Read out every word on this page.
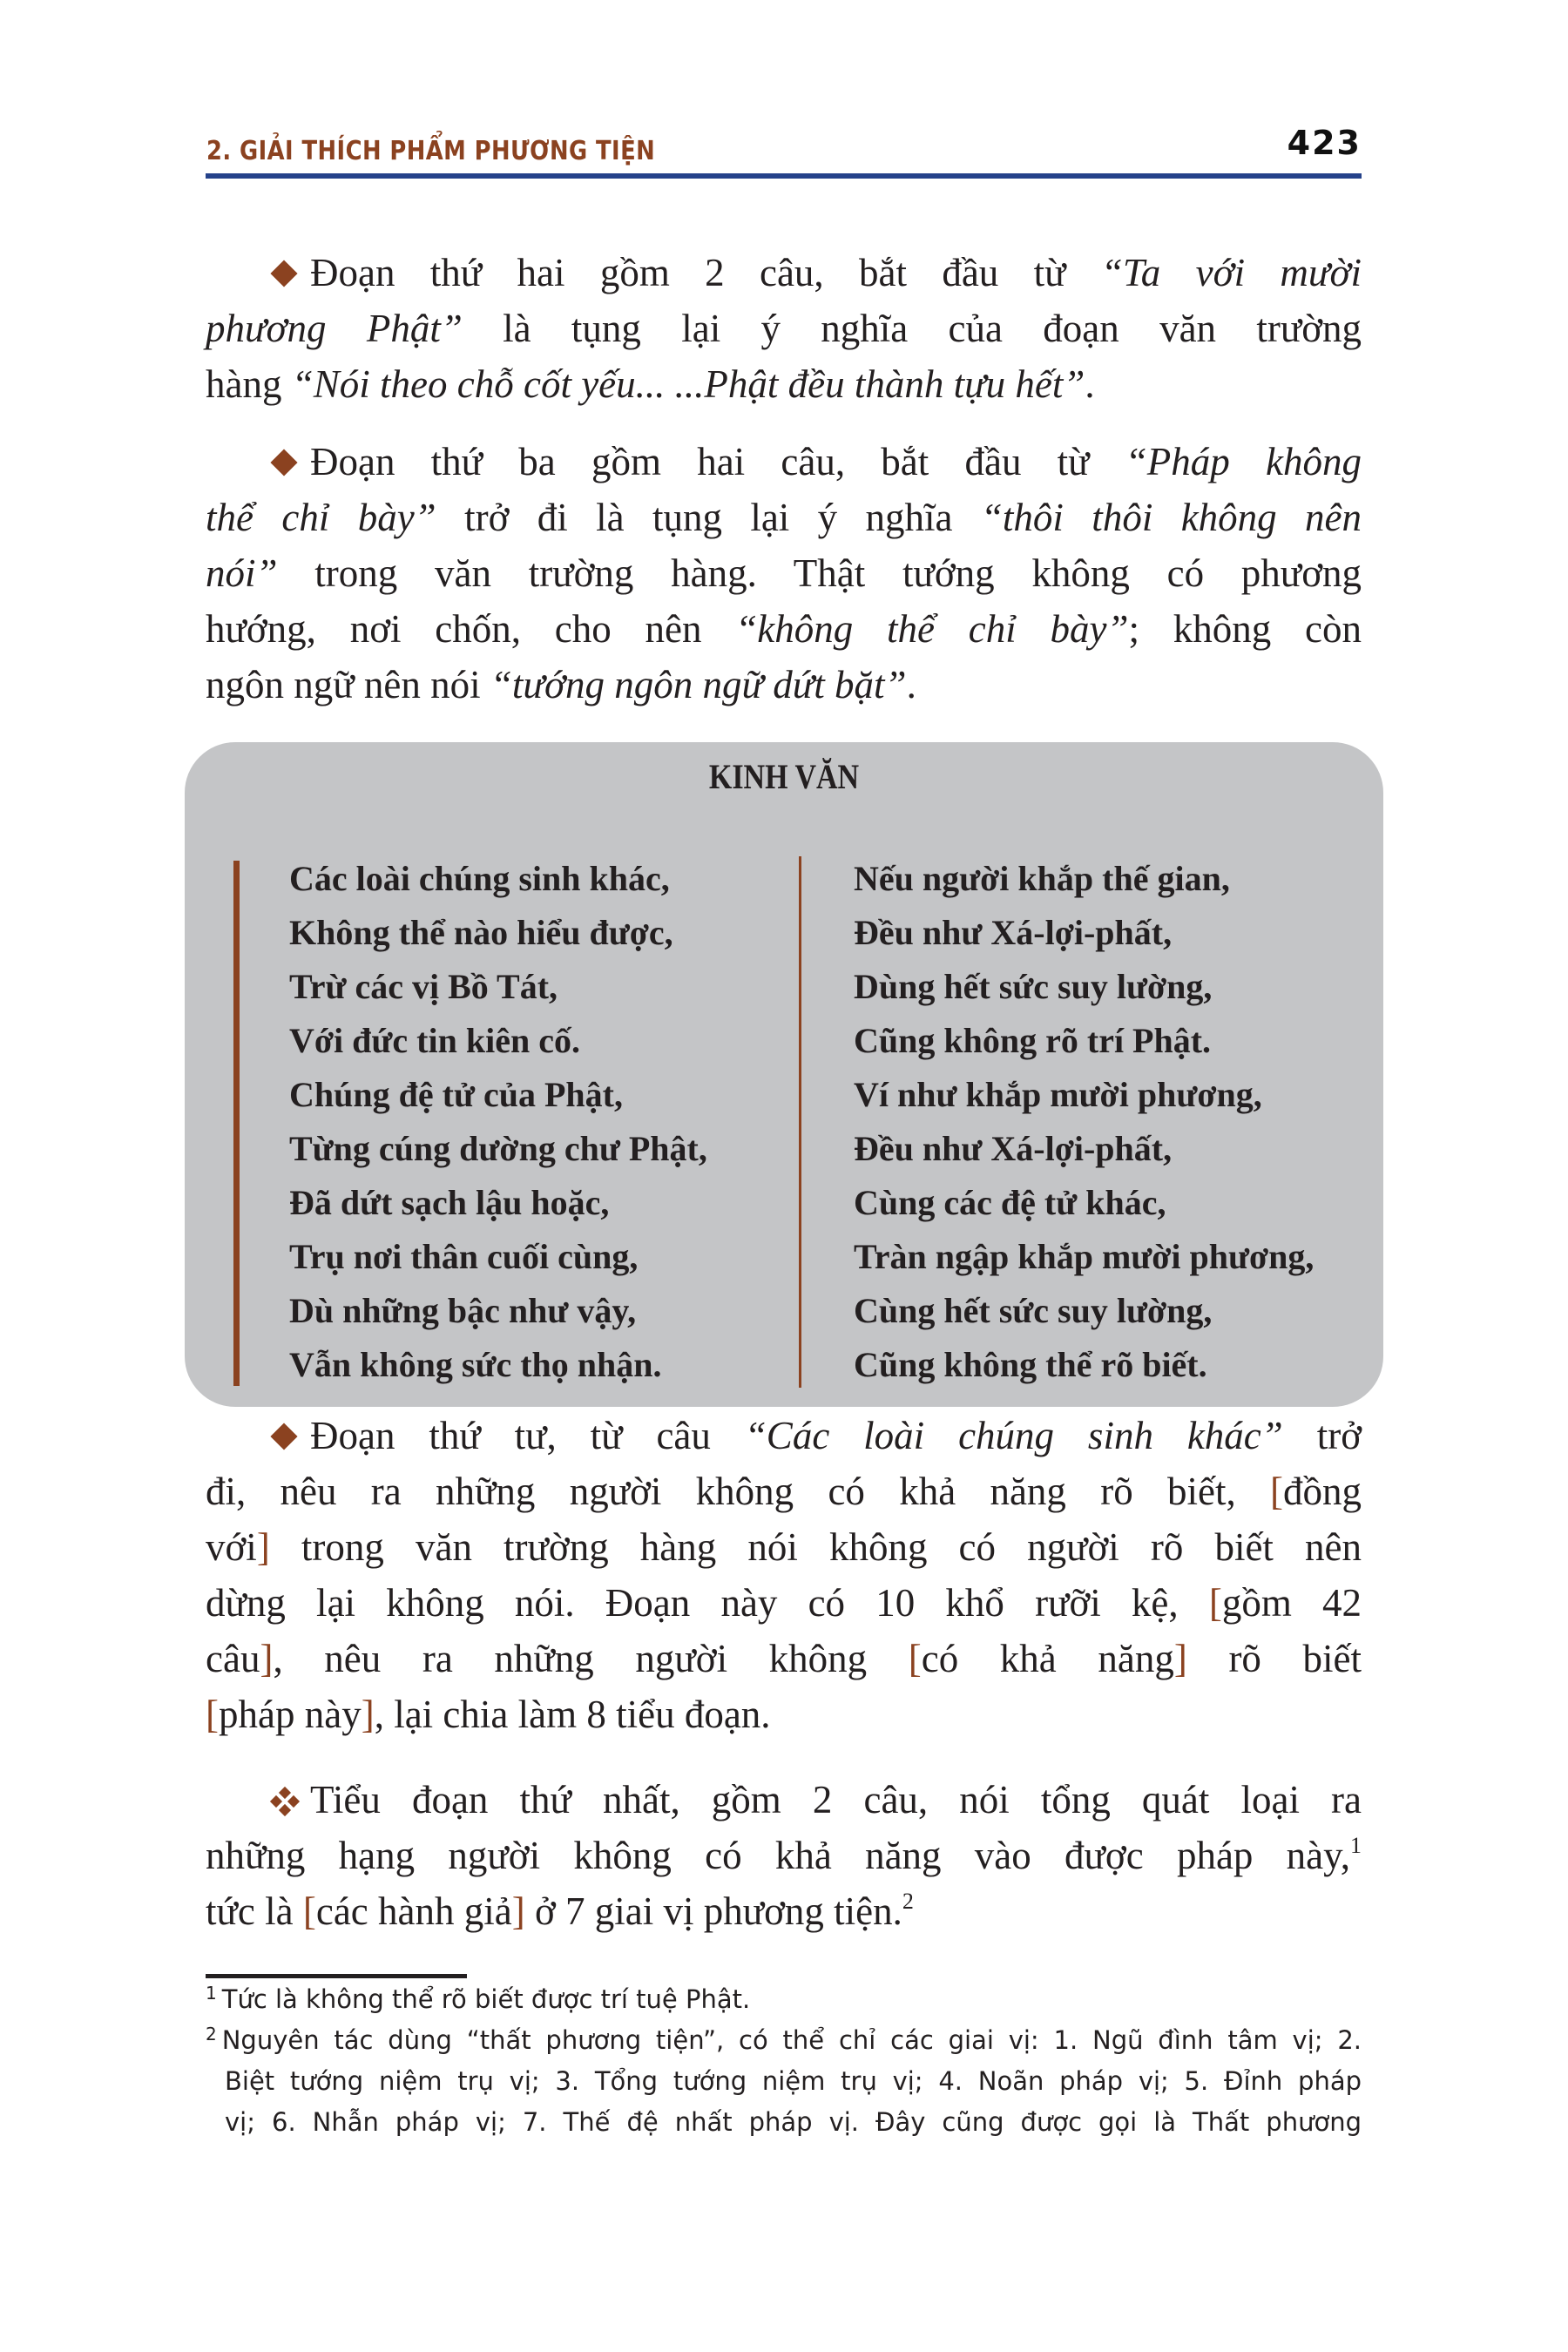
2. GIẢI THÍCH PHẨM PHƯƠNG TIỆN	423
Đoạn thứ hai gồm 2 câu, bắt đầu từ “Ta với mười
phương Phật” là tụng lại ý nghĩa của đoạn văn trường
hàng “Nói theo chỗ cốt yếu... ...Phật đều thành tựu hết”.
Đoạn thứ ba gồm hai câu, bắt đầu từ “Pháp không
thể chỉ bày” trở đi là tụng lại ý nghĩa “thôi thôi không nên
nói” trong văn trường hàng. Thật tướng không có phương
hướng, nơi chốn, cho nên “không thể chỉ bày”; không còn
ngôn ngữ nên nói “tướng ngôn ngữ dứt bặt”.
KINH VĂN
Các loài chúng sinh khác,
Không thể nào hiểu được,
Trừ các vị Bồ Tát,
Với đức tin kiên cố.
Chúng đệ tử của Phật,
Từng cúng dường chư Phật,
Đã dứt sạch lậu hoặc,
Trụ nơi thân cuối cùng,
Dù những bậc như vậy,
Vẫn không sức thọ nhận.
Nếu người khắp thế gian,
Đều như Xá-lợi-phất,
Dùng hết sức suy lường,
Cũng không rõ trí Phật.
Ví như khắp mười phương,
Đều như Xá-lợi-phất,
Cùng các đệ tử khác,
Tràn ngập khắp mười phương,
Cùng hết sức suy lường,
Cũng không thể rõ biết.
Đoạn thứ tư, từ câu “Các loài chúng sinh khác” trở
đi, nêu ra những người không có khả năng rõ biết, [đồng
với] trong văn trường hàng nói không có người rõ biết nên
dừng lại không nói. Đoạn này có 10 khổ rưỡi kệ, [gồm 42
câu], nêu ra những người không [có khả năng] rõ biết
[pháp này], lại chia làm 8 tiểu đoạn.
Tiểu đoạn thứ nhất, gồm 2 câu, nói tổng quát loại ra
những hạng người không có khả năng vào được pháp này,$^1$
tức là [các hành giả] ở 7 giai vị phương tiện.$^2$
$^1$ Tức là không thể rõ biết được trí tuệ Phật.
$^2$ Nguyên tác dùng “thất phương tiện”, có thể chỉ các giai vị: 1. Ngũ đình tâm vị; 2.
Biệt tướng niệm trụ vị; 3. Tổng tướng niệm trụ vị; 4. Noãn pháp vị; 5. Đỉnh pháp
vị; 6. Nhẫn pháp vị; 7. Thế đệ nhất pháp vị. Đây cũng được gọi là Thất phương
